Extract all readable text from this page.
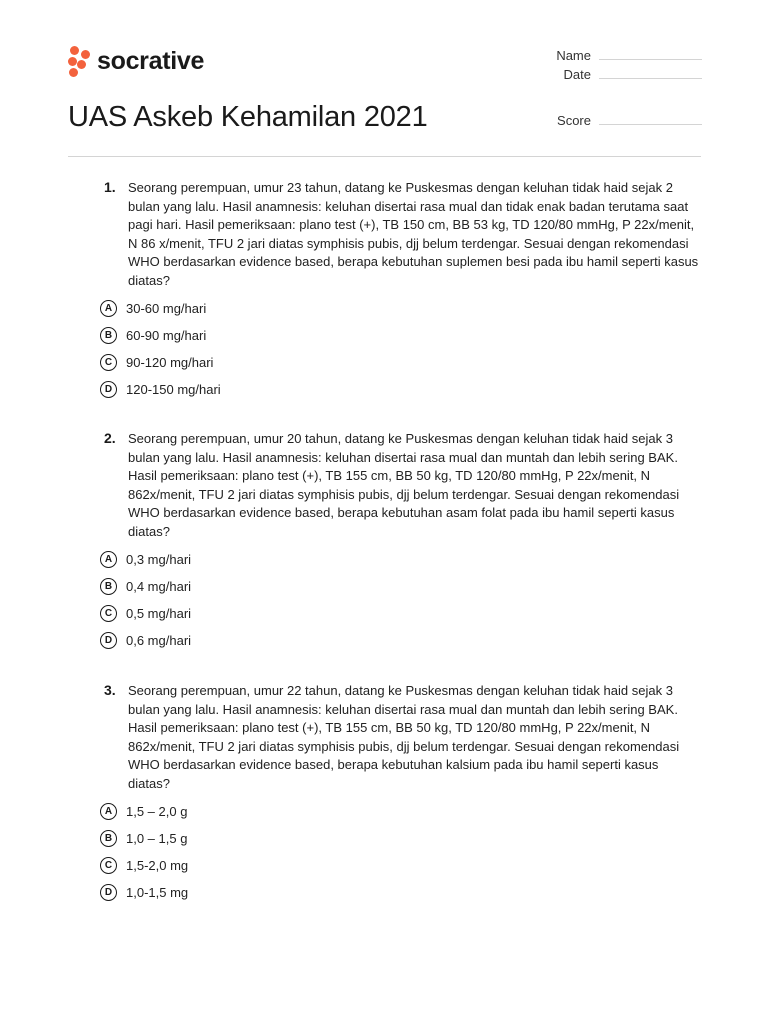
socrative	Name
Date
Score
UAS Askeb Kehamilan 2021
1. Seorang perempuan, umur 23 tahun, datang ke Puskesmas dengan keluhan tidak haid sejak 2 bulan yang lalu. Hasil anamnesis: keluhan disertai rasa mual dan tidak enak badan terutama saat pagi hari. Hasil pemeriksaan: plano test (+), TB 150 cm, BB 53 kg, TD 120/80 mmHg, P 22x/menit, N 86 x/menit, TFU 2 jari diatas symphisis pubis, djj belum terdengar. Sesuai dengan rekomendasi WHO berdasarkan evidence based, berapa kebutuhan suplemen besi pada ibu hamil seperti kasus diatas?

A	30-60 mg/hari
B	60-90 mg/hari
C	90-120 mg/hari
D	120-150 mg/hari
2. Seorang perempuan, umur 20 tahun, datang ke Puskesmas dengan keluhan tidak haid sejak 3 bulan yang lalu. Hasil anamnesis: keluhan disertai rasa mual dan muntah dan lebih sering BAK. Hasil pemeriksaan: plano test (+), TB 155 cm, BB 50 kg, TD 120/80 mmHg, P 22x/menit, N 862x/menit, TFU 2 jari diatas symphisis pubis, djj belum terdengar. Sesuai dengan rekomendasi WHO berdasarkan evidence based, berapa kebutuhan asam folat pada ibu hamil seperti kasus diatas?

A	0,3 mg/hari
B	0,4 mg/hari
C	0,5 mg/hari
D	0,6 mg/hari
3. Seorang perempuan, umur 22 tahun, datang ke Puskesmas dengan keluhan tidak haid sejak 3 bulan yang lalu. Hasil anamnesis: keluhan disertai rasa mual dan muntah dan lebih sering BAK. Hasil pemeriksaan: plano test (+), TB 155 cm, BB 50 kg, TD 120/80 mmHg, P 22x/menit, N 862x/menit, TFU 2 jari diatas symphisis pubis, djj belum terdengar. Sesuai dengan rekomendasi WHO berdasarkan evidence based, berapa kebutuhan kalsium pada ibu hamil seperti kasus diatas?

A	1,5 – 2,0 g
B	1,0 – 1,5 g
C	1,5-2,0 mg
D	1,0-1,5 mg
